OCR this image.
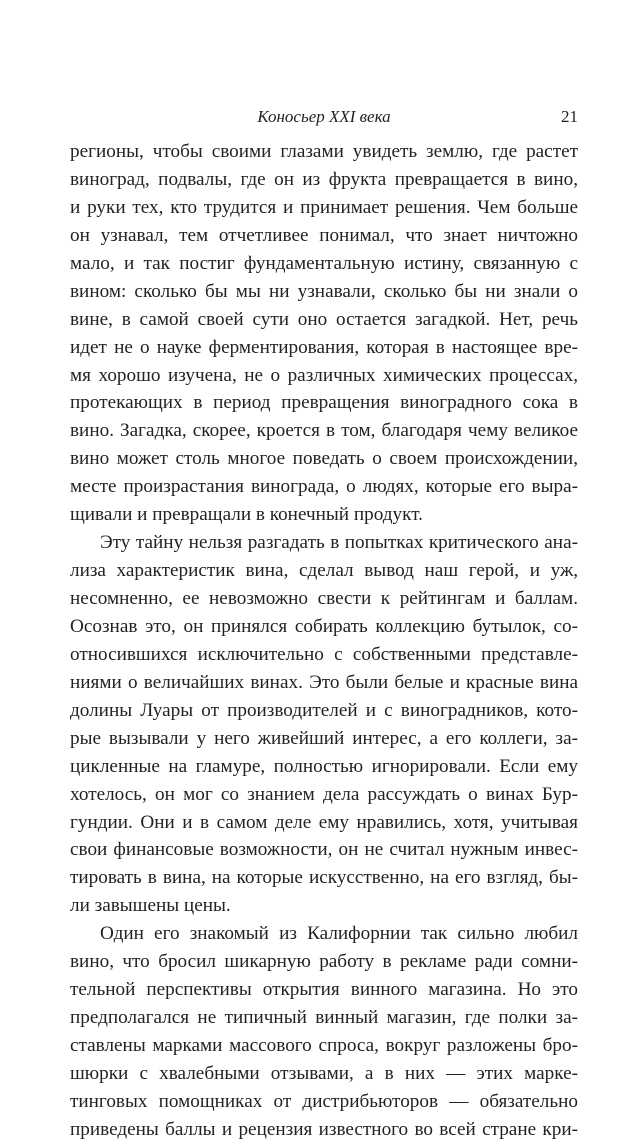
Коносьер XXI века	21
регионы, чтобы своими глазами увидеть землю, где растет
виноград, подвалы, где он из фрукта превращается в вино,
и руки тех, кто трудится и принимает решения. Чем больше
он узнавал, тем отчетливее понимал, что знает ничтожно
мало, и так постиг фундаментальную истину, связанную с
вином: сколько бы мы ни узнавали, сколько бы ни знали о
вине, в самой своей сути оно остается загадкой. Нет, речь
идет не о науке ферментирования, которая в настоящее вре-
мя хорошо изучена, не о различных химических процессах,
протекающих в период превращения виноградного сока в
вино. Загадка, скорее, кроется в том, благодаря чему великое
вино может столь многое поведать о своем происхождении,
месте произрастания винограда, о людях, которые его выра-
щивали и превращали в конечный продукт.
Эту тайну нельзя разгадать в попытках критического ана-
лиза характеристик вина, сделал вывод наш герой, и уж,
несомненно, ее невозможно свести к рейтингам и баллам.
Осознав это, он принялся собирать коллекцию бутылок, со-
относившихся исключительно с собственными представле-
ниями о величайших винах. Это были белые и красные вина
долины Луары от производителей и с виноградников, кото-
рые вызывали у него живейший интерес, а его коллеги, за-
цикленные на гламуре, полностью игнорировали. Если ему
хотелось, он мог со знанием дела рассуждать о винах Бур-
гундии. Они и в самом деле ему нравились, хотя, учитывая
свои финансовые возможности, он не считал нужным инвес-
тировать в вина, на которые искусственно, на его взгляд, бы-
ли завышены цены.
Один его знакомый из Калифорнии так сильно любил
вино, что бросил шикарную работу в рекламе ради сомни-
тельной перспективы открытия винного магазина. Но это
предполагался не типичный винный магазин, где полки за-
ставлены марками массового спроса, вокруг разложены бро-
шюрки с хвалебными отзывами, а в них — этих марке-
тинговых помощниках от дистрибьюторов — обязательно
приведены баллы и рецензия известного во всей стране кри-
